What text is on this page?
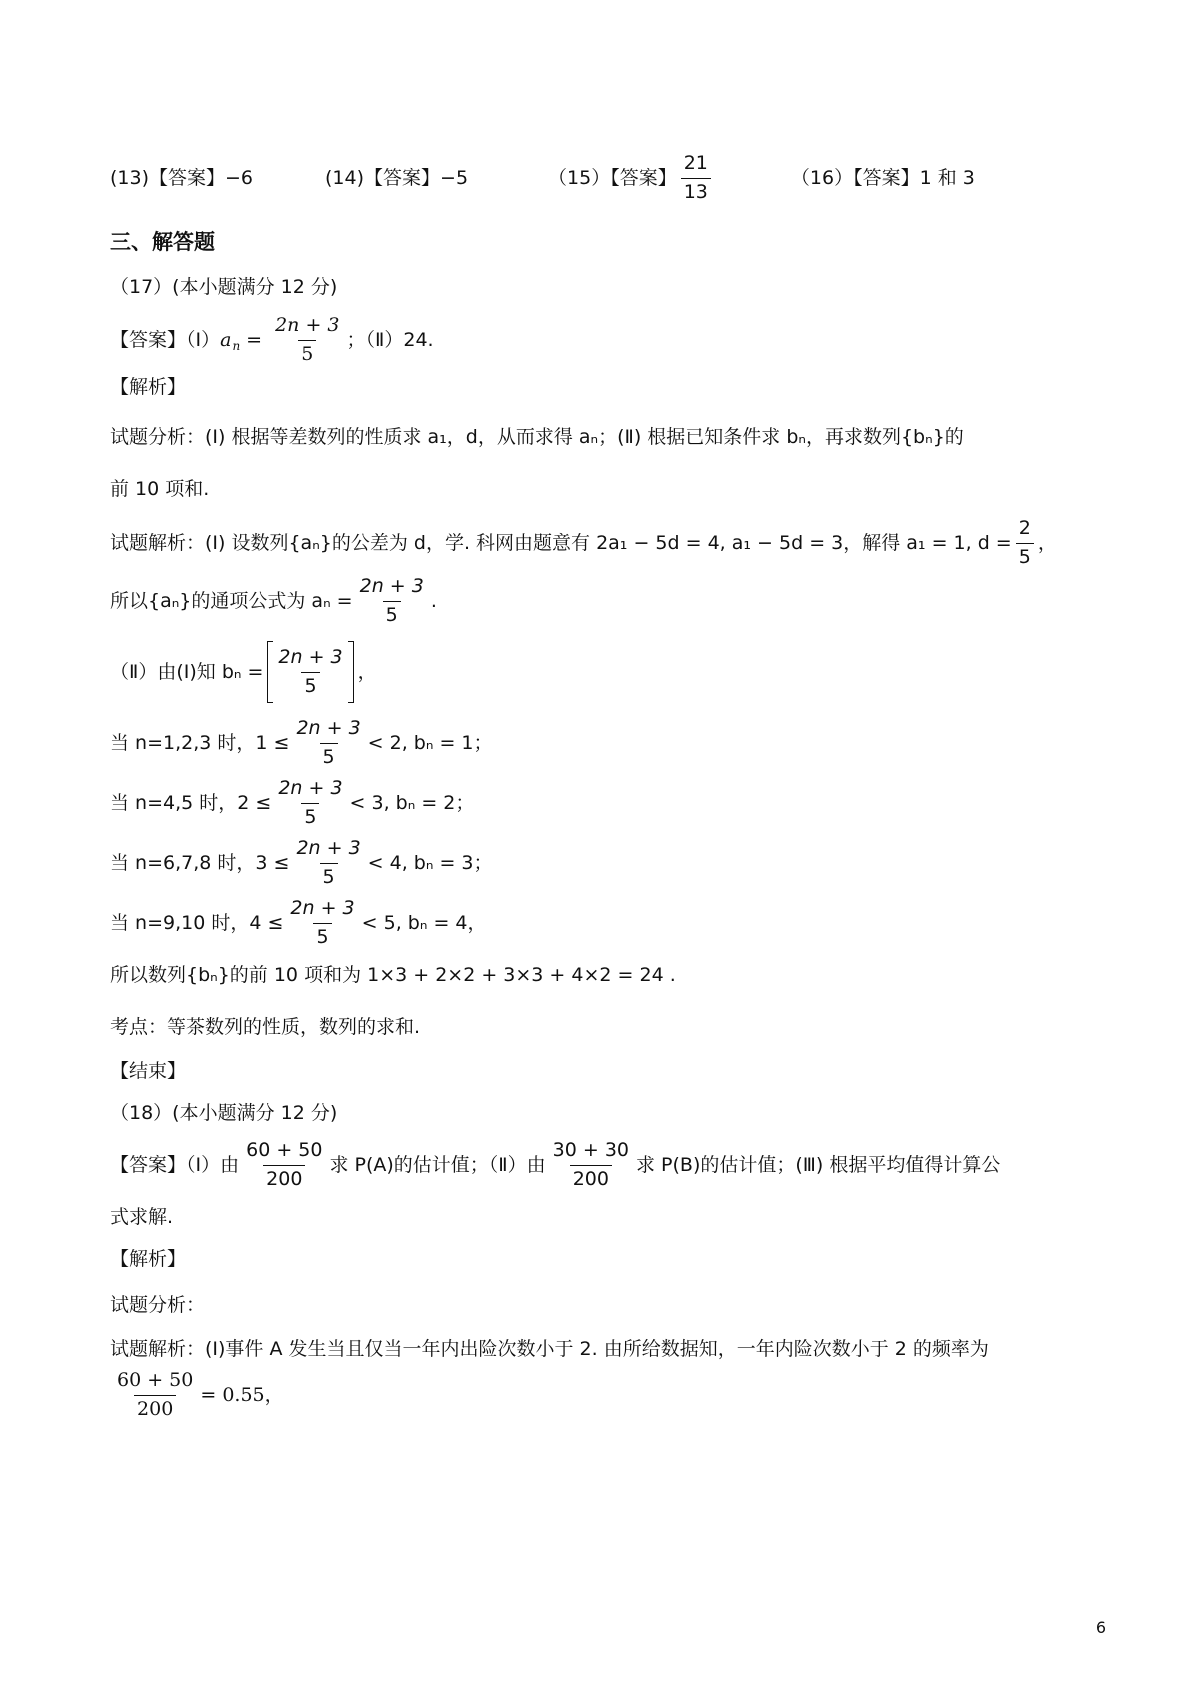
(13)【答案】−6	(14)【答案】−5	（15）【答案】 $\frac{21}{13}$	（16）【答案】1 和 3
三、解答题
（17）(本小题满分 12 分)
【答案】（Ⅰ） a $n = \frac{2n + 3}{5}$ ；（Ⅱ）24.
【解析】
试题分析：(Ⅰ) 根据等差数列的性质求 a₁，d，从而求得 aₙ；(Ⅱ) 根据已知条件求 bₙ，再求数列{bₙ}的
前 10 项和.
试题解析：(Ⅰ) 设数列{aₙ}的公差为 d，学. 科网由题意有 2a₁ − 5d = 4, a₁ − 5d = 3，解得 a₁ = 1, $d = \frac{2}{5}$ ，
所以{aₙ}的通项公式为 $a_n = \frac{2n + 3}{5}$ .
（Ⅱ）由(Ⅰ)知 $b_n = \frac{2n + 3}{5}$ ，
当 n=1,2,3 时， $1 \le \frac{2n + 3}{5} < 2$, bₙ = 1；
当 n=4,5 时， $2 \le \frac{2n + 3}{5} < 3$, bₙ = 2；
当 n=6,7,8 时， $3 \le \frac{2n + 3}{5} < 4$, bₙ = 3；
当 n=9,10 时， $4 \le \frac{2n + 3}{5} < 5$, bₙ = 4，
所以数列{bₙ}的前 10 项和为 1×3 + 2×2 + 3×3 + 4×2 = 24 .
考点：等茶数列的性质，数列的求和.
【结束】
（18）(本小题满分 12 分)
【答案】（Ⅰ）由 $\frac{60 + 50}{200}$ 求 P(A)的估计值；（Ⅱ）由 $\frac{30 + 30}{200}$ 求 P(B)的估计值；(Ⅲ) 根据平均值得计算公
式求解.
【解析】
试题分析：
试题解析：(Ⅰ)事件 A 发生当且仅当一年内出险次数小于 2. 由所给数据知，一年内险次数小于 2 的频率为
$\frac{60 + 50}{200} = 0.55$，
6
